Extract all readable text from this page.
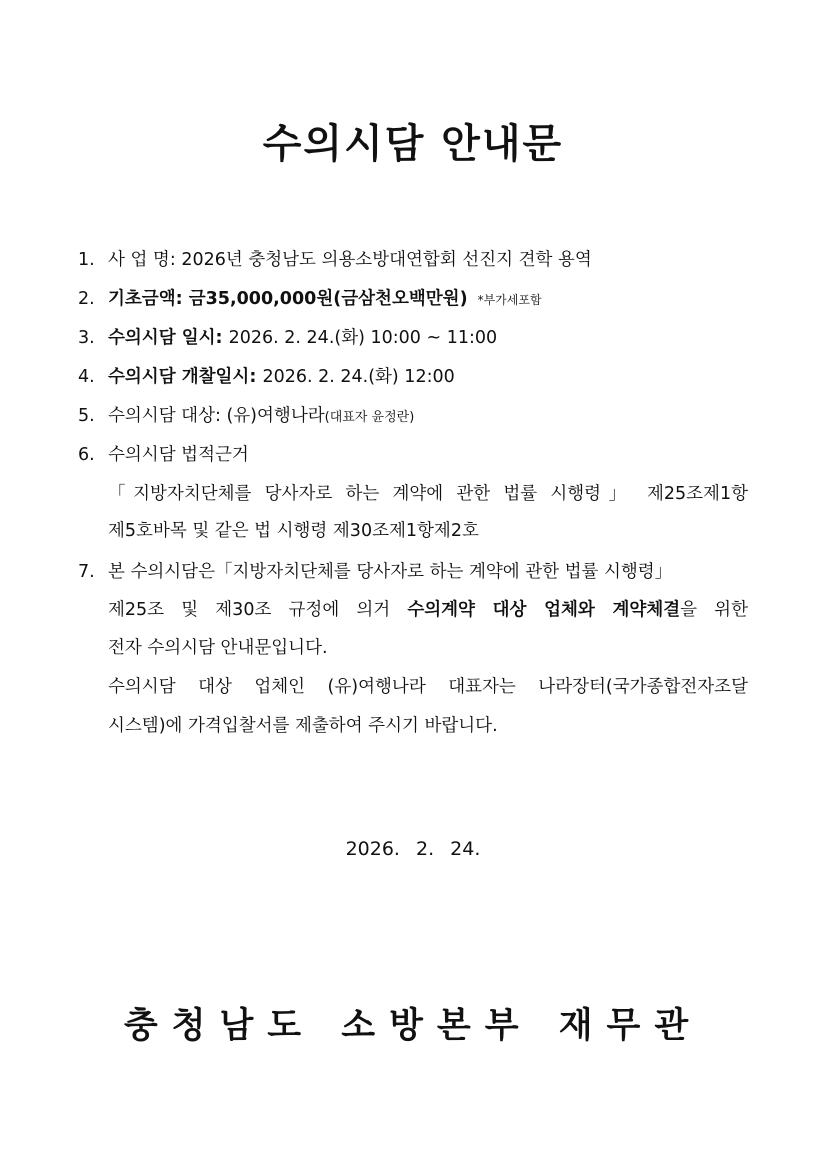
수의시담 안내문
1. 사 업 명: 2026년 충청남도 의용소방대연합회 선진지 견학 용역
2. 기초금액: 금35,000,000원(금삼천오백만원) *부가세포함
3. 수의시담 일시: 2026. 2. 24.(화) 10:00 ~ 11:00
4. 수의시담 개찰일시: 2026. 2. 24.(화) 12:00
5. 수의시담 대상: (유)여행나라(대표자 윤정란)
6. 수의시담 법적근거
「지방자치단체를 당사자로 하는 계약에 관한 법률 시행령」 제25조제1항
제5호바목 및 같은 법 시행령 제30조제1항제2호
7. 본 수의시담은「지방자치단체를 당사자로 하는 계약에 관한 법률 시행령」
제25조 및 제30조 규정에 의거 수의계약 대상 업체와 계약체결을 위한
전자 수의시담 안내문입니다.
수의시담 대상 업체인 (유)여행나라 대표자는 나라장터(국가종합전자조달
시스템)에 가격입찰서를 제출하여 주시기 바랍니다.
2026. 2. 24.
충청남도 소방본부 재무관
